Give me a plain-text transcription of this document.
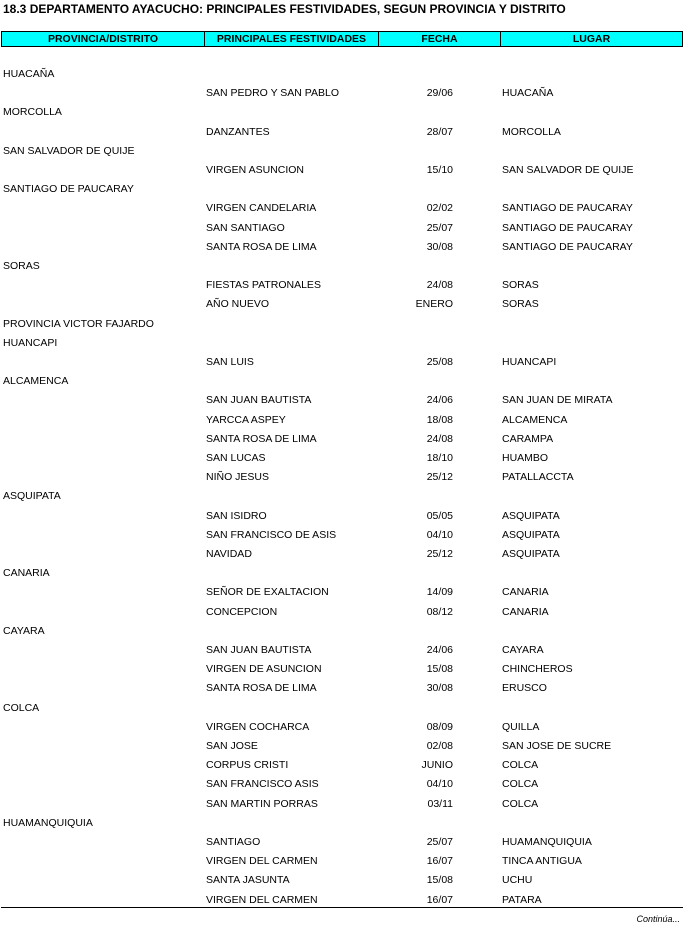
18.3 DEPARTAMENTO AYACUCHO: PRINCIPALES FESTIVIDADES, SEGUN PROVINCIA Y DISTRITO
PROVINCIA/DISTRITO	PRINCIPALES FESTIVIDADES	FECHA	LUGAR
HUACAÑA
SAN PEDRO Y SAN PABLO	29/06	HUACAÑA
MORCOLLA
DANZANTES	28/07	MORCOLLA
SAN SALVADOR DE QUIJE
VIRGEN ASUNCION	15/10	SAN SALVADOR DE QUIJE
SANTIAGO DE PAUCARAY
VIRGEN CANDELARIA	02/02	SANTIAGO DE PAUCARAY
SAN SANTIAGO	25/07	SANTIAGO DE PAUCARAY
SANTA ROSA DE LIMA	30/08	SANTIAGO DE PAUCARAY
SORAS
FIESTAS PATRONALES	24/08	SORAS
AÑO NUEVO	ENERO	SORAS
PROVINCIA VICTOR FAJARDO
HUANCAPI
SAN LUIS	25/08	HUANCAPI
ALCAMENCA
SAN JUAN BAUTISTA	24/06	SAN JUAN DE MIRATA
YARCCA ASPEY	18/08	ALCAMENCA
SANTA ROSA DE LIMA	24/08	CARAMPA
SAN LUCAS	18/10	HUAMBO
NIÑO JESUS	25/12	PATALLACCTA
ASQUIPATA
SAN ISIDRO	05/05	ASQUIPATA
SAN FRANCISCO DE ASIS	04/10	ASQUIPATA
NAVIDAD	25/12	ASQUIPATA
CANARIA
SEÑOR DE EXALTACION	14/09	CANARIA
CONCEPCION	08/12	CANARIA
CAYARA
SAN JUAN BAUTISTA	24/06	CAYARA
VIRGEN DE ASUNCION	15/08	CHINCHEROS
SANTA ROSA DE LIMA	30/08	ERUSCO
COLCA
VIRGEN COCHARCA	08/09	QUILLA
SAN JOSE	02/08	SAN JOSE DE SUCRE
CORPUS CRISTI	JUNIO	COLCA
SAN FRANCISCO ASIS	04/10	COLCA
SAN MARTIN PORRAS	03/11	COLCA
HUAMANQUIQUIA
SANTIAGO	25/07	HUAMANQUIQUIA
VIRGEN DEL CARMEN	16/07	TINCA ANTIGUA
SANTA JASUNTA	15/08	UCHU
VIRGEN DEL CARMEN	16/07	PATARA
Continúa...
